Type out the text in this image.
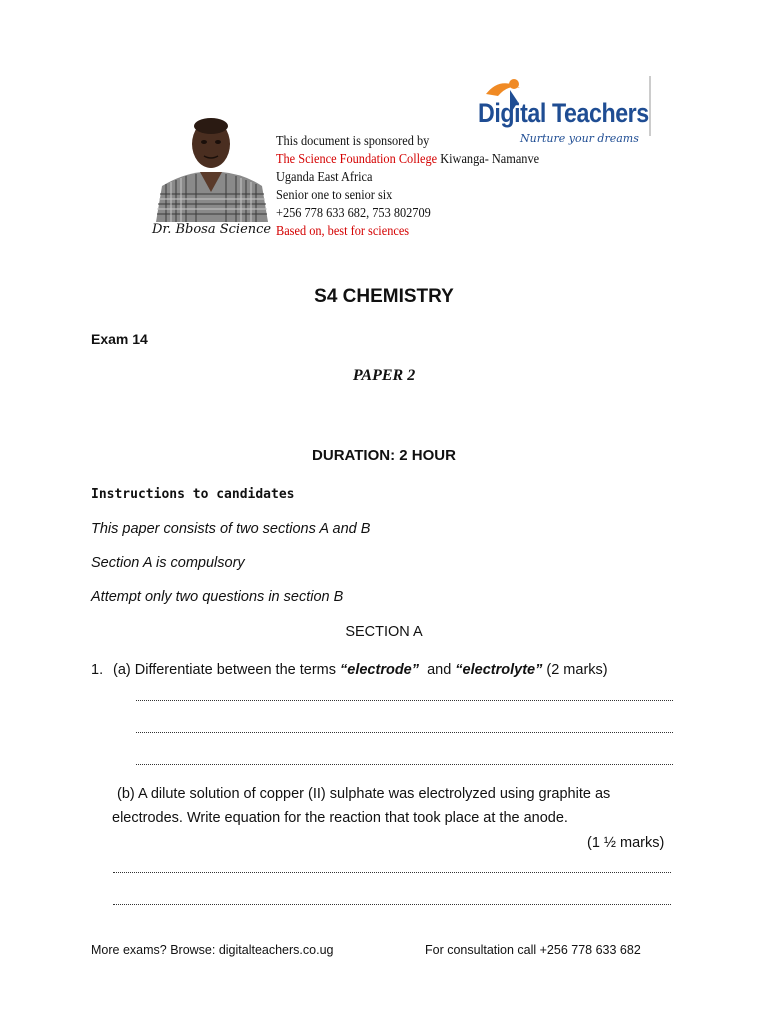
Dr. Bbosa Science
Digital Teachers
Nurture your dreams
This document is sponsored by
The Science Foundation College Kiwanga- Namanve
Uganda East Africa
Senior one to senior six
+256 778 633 682, 753 802709
Based on, best for sciences
S4 CHEMISTRY
Exam 14
PAPER 2
DURATION: 2 HOUR
Instructions to candidates
This paper consists of two sections A and B
Section A is compulsory
Attempt only two questions in section B
SECTION A
1. (a) Differentiate between the terms “electrode” and “electrolyte” (2 marks)
(b) A dilute solution of copper (II) sulphate was electrolyzed using graphite as
electrodes. Write equation for the reaction that took place at the anode.
(1 ½ marks)
More exams? Browse: digitalteachers.co.ug	For consultation call +256 778 633 682
